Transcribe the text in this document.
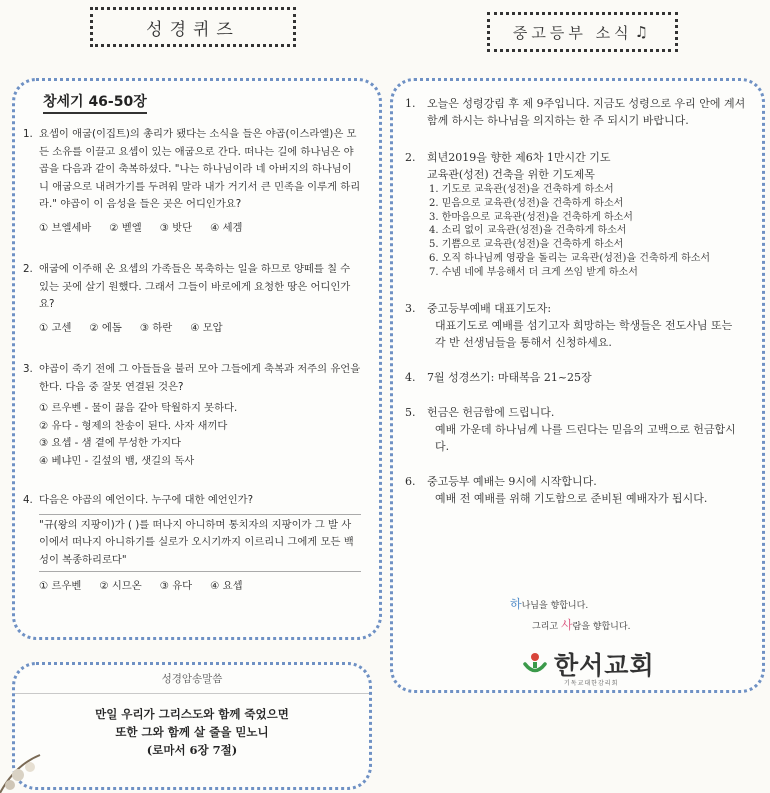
성경퀴즈	중고등부 소식 ♫
창세기 46-50장
1. 요셉이 애굽(이집트)의 총리가 됐다는 소식을 들은 야곱(이스라엘)은 모든 소유를 이끌고 요셉이 있는 애굽으로 간다. 떠나는 길에 하나님은 야곱을 다음과 같이 축복하셨다. "나는 하나님이라 네 아버지의 하나님이니 애굽으로 내려가기를 두려워 말라 내가 거기서 큰 민족을 이루게 하리라." 야곱이 이 음성을 들은 곳은 어디인가요?
① 브엘세바 ② 벧엘 ③ 밧단 ④ 세겜
2. 애굽에 이주해 온 요셉의 가족들은 목축하는 일을 하므로 양떼를 칠 수 있는 곳에 살기 원했다. 그래서 그들이 바로에게 요청한 땅은 어디인가요?
① 고센 ② 에돔 ③ 하란 ④ 모압
3. 야곱이 죽기 전에 그 아들들을 불러 모아 그들에게 축복과 저주의 유언을 한다. 다음 중 잘못 연결된 것은?
① 르우벤 - 물이 끓음 같아 탁월하지 못하다.
② 유다 - 형제의 찬송이 된다. 사자 새끼다
③ 요셉 - 샘 곁에 무성한 가지다
④ 베냐민 - 길섶의 뱀, 샛길의 독사
4. 다음은 야곱의 예언이다. 누구에 대한 예언인가?
"규(왕의 지팡이)가 ( )를 떠나지 아니하며 통치자의 지팡이가 그 발 사이에서 떠나지 아니하기를 실로가 오시기까지 이르리니 그에게 모든 백성이 복종하리로다"
① 르우벤 ② 시므온 ③ 유다 ④ 요셉
성경암송말씀
만일 우리가 그리스도와 함께 죽었으면
또한 그와 함께 살 줄을 믿노니
(로마서 6장 7절)
1. 오늘은 성령강림 후 제 9주입니다. 지금도 성령으로 우리 안에 계셔 함께 하시는 하나님을 의지하는 한 주 되시기 바랍니다.
2. 희년2019을 향한 제6차 1만시간 기도
교육관(성전) 건축을 위한 기도제목
1. 기도로 교육관(성전)을 건축하게 하소서
2. 믿음으로 교육관(성전)을 건축하게 하소서
3. 한마음으로 교육관(성전)을 건축하게 하소서
4. 소리 없이 교육관(성전)을 건축하게 하소서
5. 기쁨으로 교육관(성전)을 건축하게 하소서
6. 오직 하나님께 영광을 돌리는 교육관(성전)을 건축하게 하소서
7. 수넴 네에 부응해서 더 크게 쓰임 받게 하소서
3. 중고등부예배 대표기도자:
대표기도로 예배를 섬기고자 희망하는 학생들은 전도사님 또는 각 반 선생님들을 통해서 신청하세요.
4. 7월 성경쓰기: 마태복음 21~25장
5. 헌금은 헌금함에 드립니다.
예배 가운데 하나님께 나를 드린다는 믿음의 고백으로 헌금합시다.
6. 중고등부 예배는 9시에 시작합니다.
예배 전 예배를 위해 기도함으로 준비된 예배자가 됩시다.
하나님을 향합니다.
그리고 사람을 향합니다.
한서교회
기독교대한감리회
